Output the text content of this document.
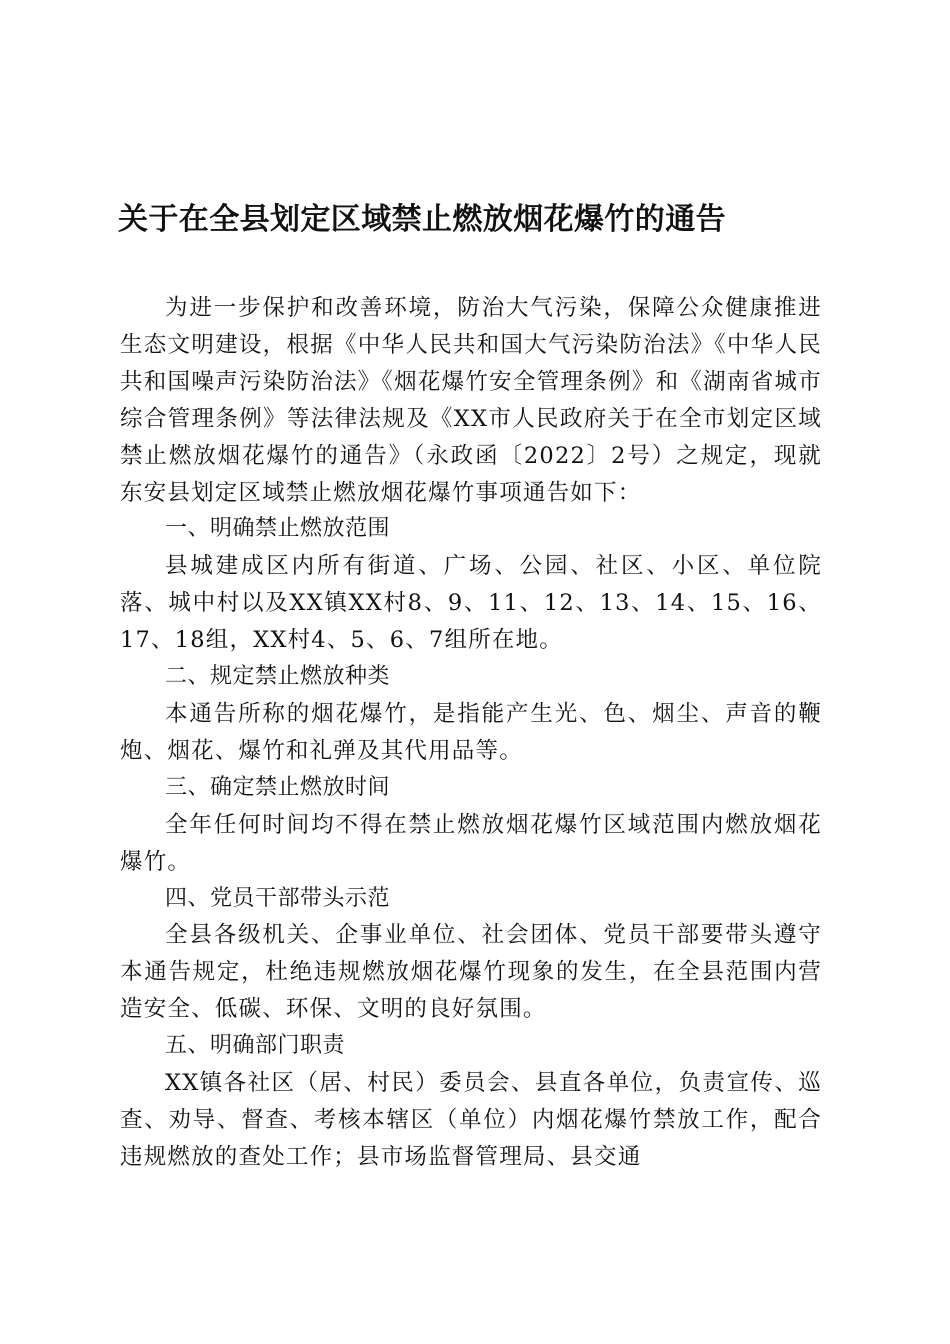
关于在全县划定区域禁止燃放烟花爆竹的通告

为进一步保护和改善环境，防治大气污染，保障公众健康推进生态文明建设，根据《中华人民共和国大气污染防治法》《中华人民共和国噪声污染防治法》《烟花爆竹安全管理条例》和《湖南省城市综合管理条例》等法律法规及《XX市人民政府关于在全市划定区域禁止燃放烟花爆竹的通告》（永政函〔2022〕2号）之规定，现就东安县划定区域禁止燃放烟花爆竹事项通告如下：

一、明确禁止燃放范围

县城建成区内所有街道、广场、公园、社区、小区、单位院落、城中村以及XX镇XX村8、9、11、12、13、14、15、16、17、18组，XX村4、5、6、7组所在地。

二、规定禁止燃放种类

本通告所称的烟花爆竹，是指能产生光、色、烟尘、声音的鞭炮、烟花、爆竹和礼弹及其代用品等。

三、确定禁止燃放时间

全年任何时间均不得在禁止燃放烟花爆竹区域范围内燃放烟花爆竹。

四、党员干部带头示范

全县各级机关、企事业单位、社会团体、党员干部要带头遵守本通告规定，杜绝违规燃放烟花爆竹现象的发生，在全县范围内营造安全、低碳、环保、文明的良好氛围。

五、明确部门职责

XX镇各社区（居、村民）委员会、县直各单位，负责宣传、巡查、劝导、督查、考核本辖区（单位）内烟花爆竹禁放工作，配合违规燃放的查处工作；县市场监督管理局、县交通
